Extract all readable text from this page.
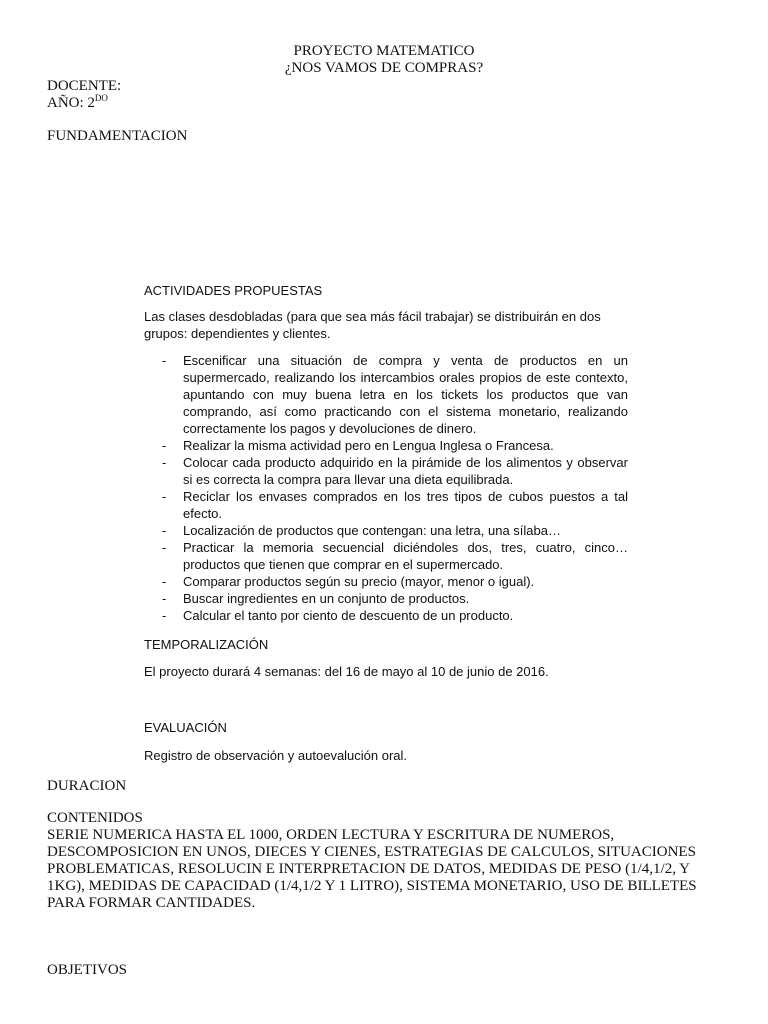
PROYECTO MATEMATICO
¿NOS VAMOS DE COMPRAS?
DOCENTE:
AÑO: $2^{DO}$
FUNDAMENTACION
ACTIVIDADES PROPUESTAS
Las clases desdobladas (para que sea más fácil trabajar) se distribuirán en dos grupos: dependientes y clientes.
- Escenificar una situación de compra y venta de productos en un supermercado, realizando los intercambios orales propios de este contexto, apuntando con muy buena letra en los tickets los productos que van comprando, así como practicando con el sistema monetario, realizando correctamente los pagos y devoluciones de dinero.
- Realizar la misma actividad pero en Lengua Inglesa o Francesa.
- Colocar cada producto adquirido en la pirámide de los alimentos y observar si es correcta la compra para llevar una dieta equilibrada.
- Reciclar los envases comprados en los tres tipos de cubos puestos a tal efecto.
- Localización de productos que contengan: una letra, una sílaba…
- Practicar la memoria secuencial diciéndoles dos, tres, cuatro, cinco… productos que tienen que comprar en el supermercado.
- Comparar productos según su precio (mayor, menor o igual).
- Buscar ingredientes en un conjunto de productos.
- Calcular el tanto por ciento de descuento de un producto.
TEMPORALIZACIÓN
El proyecto durará 4 semanas: del 16 de mayo al 10 de junio de 2016.
EVALUACIÓN
Registro de observación y autoevalución oral.
DURACION
CONTENIDOS
SERIE NUMERICA HASTA EL 1000, ORDEN LECTURA Y ESCRITURA DE NUMEROS, DESCOMPOSICION EN UNOS, DIECES Y CIENES, ESTRATEGIAS DE CALCULOS, SITUACIONES PROBLEMATICAS, RESOLUCIN E INTERPRETACION DE DATOS, MEDIDAS DE PESO (1/4,1/2, Y 1KG), MEDIDAS DE CAPACIDAD (1/4,1/2 Y 1 LITRO), SISTEMA MONETARIO, USO DE BILLETES PARA FORMAR CANTIDADES.
OBJETIVOS
